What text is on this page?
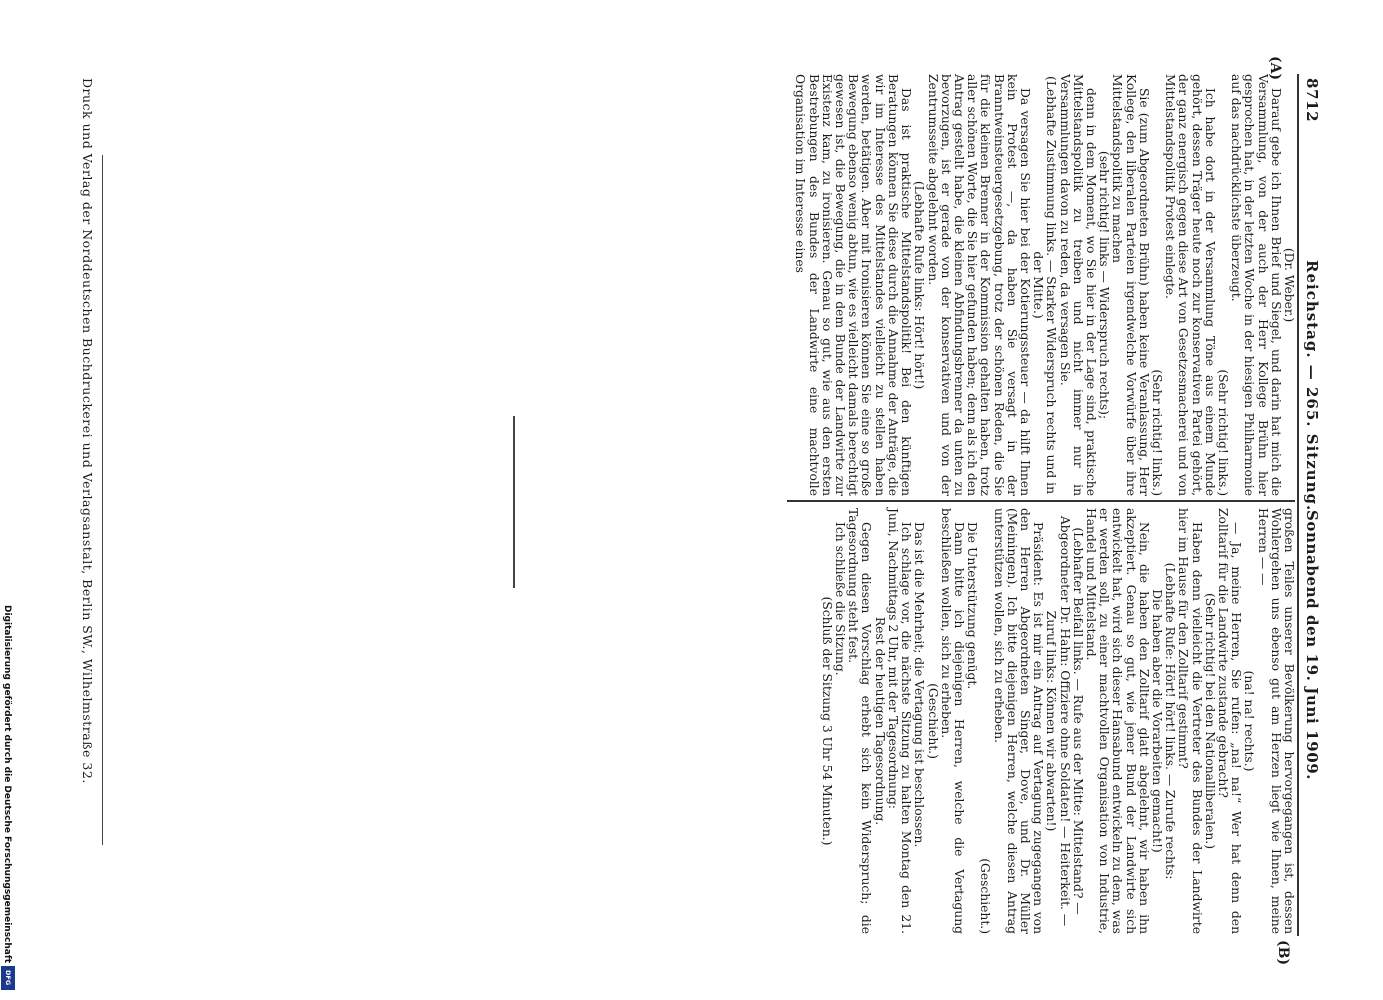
8712
Reichstag. — 265. Sitzung.
Sonnabend den 19. Juni 1909.
(A)
(B)

(Dr. Weber.)

Darauf gebe ich Ihnen Brief und Siegel, und darin hat mich die Versammlung, von der auch der Herr Kollege Brühn hier gesprochen hat, in der letzten Woche in der hiesigen Philharmonie auf das nachdrücklichste überzeugt.

(Sehr richtig! links.)

Ich habe dort in der Versammlung Töne aus einem Munde gehört, dessen Träger heute noch zur konservativen Partei gehört, der ganz energisch gegen diese Art von Gesetzesmacherei und von Mittelstandspolitik Protest einlegte.

(Sehr richtig! links.)

Sie (zum Abgeordneten Brühn) haben keine Veranlassung, Herr Kollege, den liberalen Parteien irgendwelche Vorwürfe über ihre Mittelstandspolitik zu machen

(sehr richtig! links — Widerspruch rechts);

denn in dem Moment, wo Sie hier in der Lage sind, praktische Mittelstandspolitik zu treiben und nicht immer nur in Versammlungen davon zu reden, da versagen Sie.

(Lebhafte Zustimmung links. — Starker Widerspruch rechts und in der Mitte.)

Da versagen Sie hier bei der Kotierungssteuer — da hilft Ihnen kein Protest —, da haben Sie versagt in der Branntweinsteuergesetzgebung, trotz der schönen Reden, die Sie für die kleinen Brenner in der Kommission gehalten haben, trotz aller schönen Worte, die Sie hier gefunden haben; denn als ich den Antrag gestellt habe, die kleinen Abfindungsbrenner da unten zu bevorzugen, ist er gerade von der konservativen und von der Zentrumsseite abgelehnt worden.

(Lebhafte Rufe links: Hört! hört!)

Das ist praktische Mittelstandspolitik! Bei den künftigen Beratungen können Sie diese durch die Annahme der Anträge, die wir im Interesse des Mittelstandes vielleicht zu stellen haben werden, betätigen. Aber mit Ironisieren können Sie eine so große Bewegung ebenso wenig abtun, wie es vielleicht damals berechtigt gewesen ist, die Bewegung, die in dem Bunde der Landwirte zur Existenz kam, zu ironisieren. Genau so gut, wie aus den ersten Bestrebungen des Bundes der Landwirte eine machtvolle Organisation im Interesse eines

großen Teiles unserer Bevölkerung hervorgegangen ist, dessen Wohlergehen uns ebenso gut am Herzen liegt wie Ihnen, meine Herren — —

(na! na! rechts.)

— Ja, meine Herren, Sie rufen: „na! na!“ Wer hat denn den Zolltarif für die Landwirte zustande gebracht?

(Sehr richtig! bei den Nationalliberalen.)

Haben denn vielleicht die Vertreter des Bundes der Landwirte hier im Hause für den Zolltarif gestimmt?

(Lebhafte Rufe: Hört! hört! links. — Zurufe rechts:

Die haben aber die Vorarbeiten gemacht!)

Nein, die haben den Zolltarif glatt abgelehnt, wir haben ihn akzeptiert. Genau so gut, wie jener Bund der Landwirte sich entwickelt hat, wird sich dieser Hansabund entwickeln zu dem, was er werden soll, zu einer machtvollen Organisation von Industrie, Handel und Mittelstand.

(Lebhafter Beifall links. — Rufe aus der Mitte: Mittelstand? — Abgeordneter Dr. Hahn: Offiziere ohne Soldaten! — Heiterkeit. — Zuruf links: Können wir abwarten!)

Präsident: Es ist mir ein Antrag auf Vertagung zugegangen von den Herren Abgeordneten Singer, Dove, und Dr. Müller (Meiningen). Ich bitte diejenigen Herren, welche diesen Antrag unterstützen wollen, sich zu erheben.

(Geschieht.)

Die Unterstützung genügt.

Dann bitte ich diejenigen Herren, welche die Vertagung beschließen wollen, sich zu erheben.

(Geschieht.)

Das ist die Mehrheit; die Vertagung ist beschlossen.

Ich schlage vor, die nächste Sitzung zu halten Montag den 21. Juni, Nachmittags 2 Uhr, mit der Tagesordnung:

Rest der heutigen Tagesordnung.

Gegen diesen Vorschlag erhebt sich kein Widerspruch; die Tagesordnung steht fest.

Ich schließe die Sitzung.

(Schluß der Sitzung 3 Uhr 54 Minuten.)

Druck und Verlag der Norddeutschen Buchdruckerei und Verlagsanstalt, Berlin SW., Wilhelmstraße 32.
Digitalisierung gefördert durch die Deutsche Forschungsgemeinschaft
DFG
